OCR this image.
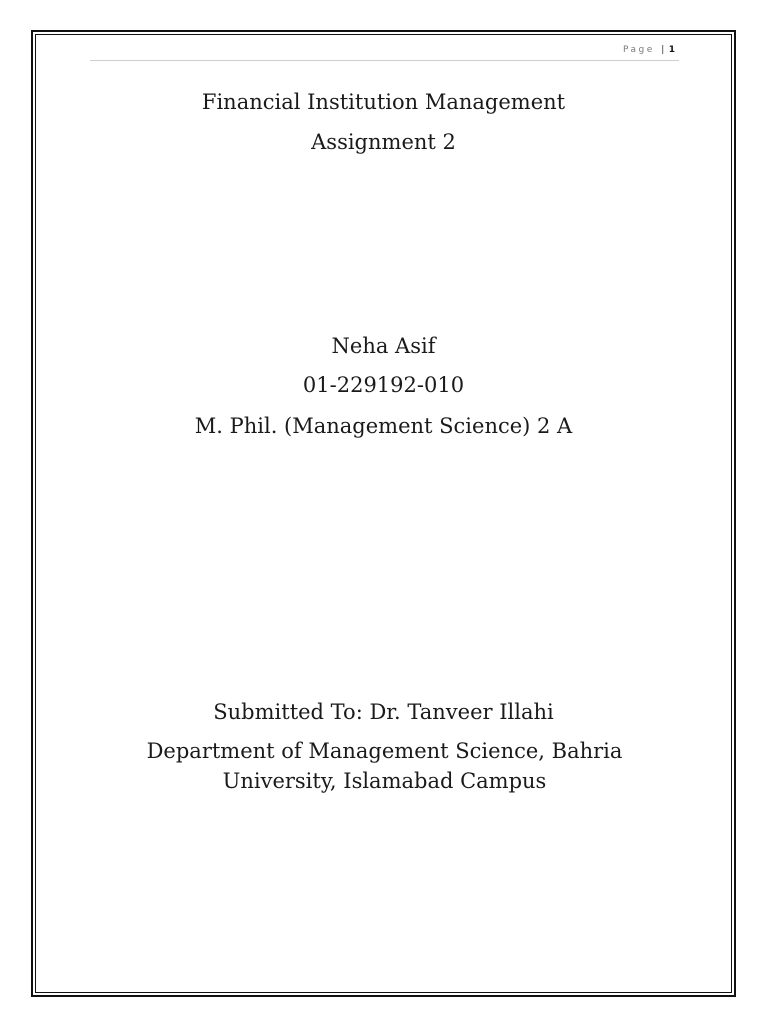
Page | 1
Financial Institution Management
Assignment 2
Neha Asif
01-229192-010
M. Phil. (Management Science) 2 A
Submitted To: Dr. Tanveer Illahi
Department of Management Science, Bahria University, Islamabad Campus
